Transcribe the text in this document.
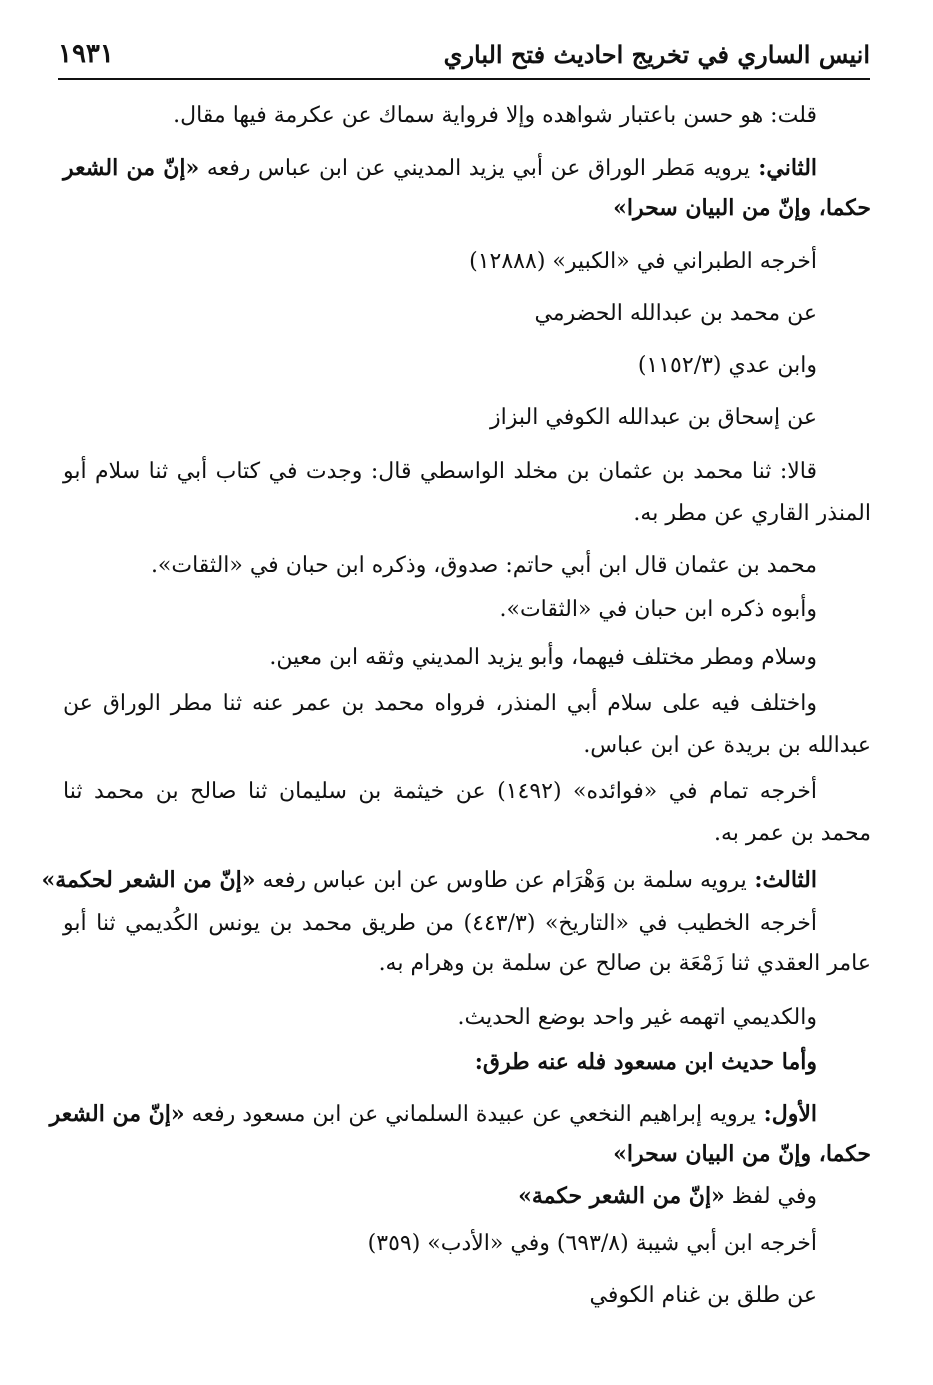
١٩٣١	انيس الساري في تخريج احاديث فتح الباري
قلت: هو حسن باعتبار شواهده وإلا فرواية سماك عن عكرمة فيها مقال.
الثاني: يرويه مَطر الوراق عن أبي يزيد المديني عن ابن عباس رفعه «إنّ من الشعر
حكما، وإنّ من البيان سحرا»
أخرجه الطبراني في «الكبير» (١٢٨٨٨)
عن محمد بن عبدالله الحضرمي
وابن عدي (١١٥٢/٣)
عن إسحاق بن عبدالله الكوفي البزاز
قالا: ثنا محمد بن عثمان بن مخلد الواسطي قال: وجدت في كتاب أبي ثنا سلام أبو
المنذر القاري عن مطر به.
محمد بن عثمان قال ابن أبي حاتم: صدوق، وذكره ابن حبان في «الثقات».
وأبوه ذكره ابن حبان في «الثقات».
وسلام ومطر مختلف فيهما، وأبو يزيد المديني وثقه ابن معين.
واختلف فيه على سلام أبي المنذر، فرواه محمد بن عمر عنه ثنا مطر الوراق عن
عبدالله بن بريدة عن ابن عباس.
أخرجه تمام في «فوائده» (١٤٩٢) عن خيثمة بن سليمان ثنا صالح بن محمد ثنا
محمد بن عمر به.
الثالث: يرويه سلمة بن وَهْرَام عن طاوس عن ابن عباس رفعه «إنّ من الشعر لحكمة»
أخرجه الخطيب في «التاريخ» (٤٤٣/٣) من طريق محمد بن يونس الكُديمي ثنا أبو
عامر العقدي ثنا زَمْعَة بن صالح عن سلمة بن وهرام به.
والكديمي اتهمه غير واحد بوضع الحديث.
وأما حديث ابن مسعود فله عنه طرق:
الأول: يرويه إبراهيم النخعي عن عبيدة السلماني عن ابن مسعود رفعه «إنّ من الشعر
حكما، وإنّ من البيان سحرا»
وفي لفظ «إنّ من الشعر حكمة»
أخرجه ابن أبي شيبة (٦٩٣/٨) وفي «الأدب» (٣٥٩)
عن طلق بن غنام الكوفي
